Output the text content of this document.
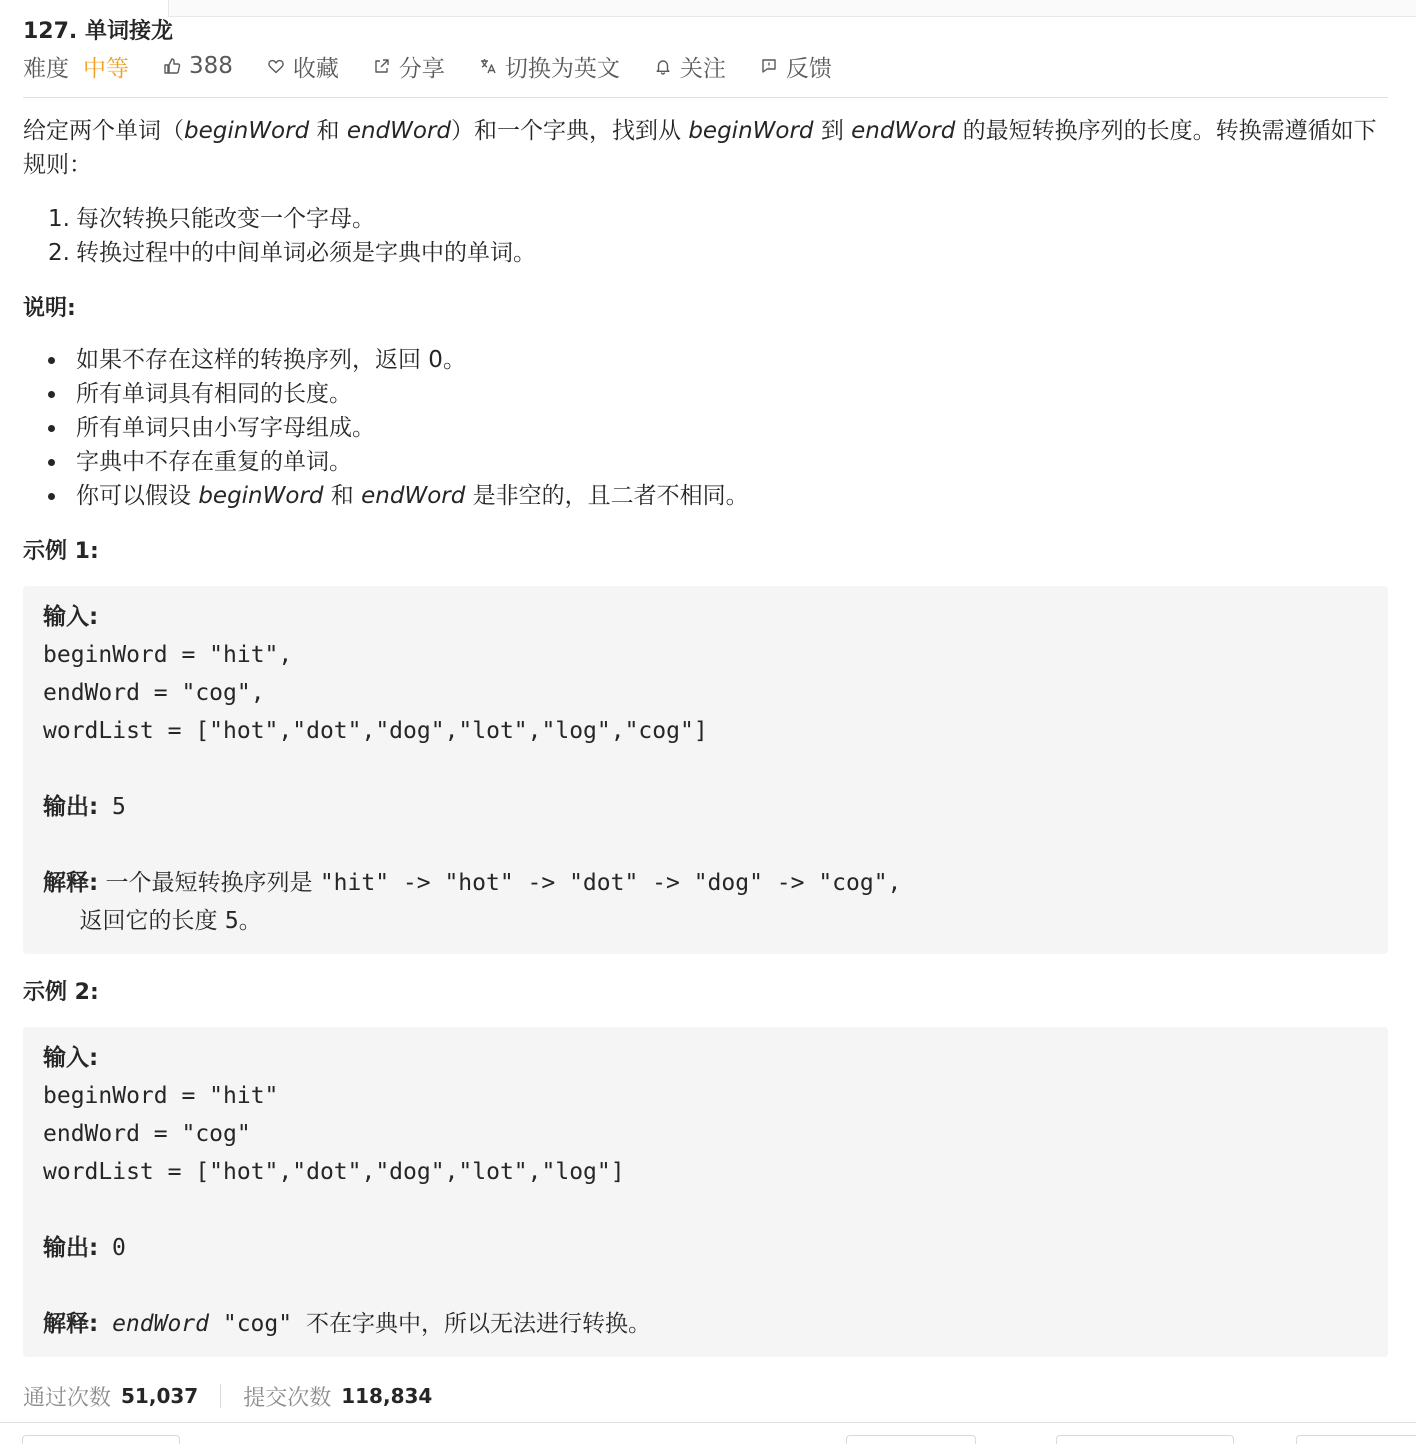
127. 单词接龙
难度 中等	388	收藏	分享	切换为英文	关注	反馈
给定两个单词（beginWord 和 endWord）和一个字典，找到从 beginWord 到 endWord 的最短转换序列的长度。转换需遵循如下规则：
1. 每次转换只能改变一个字母。
2. 转换过程中的中间单词必须是字典中的单词。
说明:
如果不存在这样的转换序列，返回 0。
所有单词具有相同的长度。
所有单词只由小写字母组成。
字典中不存在重复的单词。
你可以假设 beginWord 和 endWord 是非空的，且二者不相同。
示例 1:
输入:
beginWord = "hit",
endWord = "cog",
wordList = ["hot","dot","dog","lot","log","cog"]
输出: 5
解释: 一个最短转换序列是 "hit" -> "hot" -> "dot" -> "dog" -> "cog",
返回它的长度 5。
示例 2:
输入:
beginWord = "hit"
endWord = "cog"
wordList = ["hot","dot","dog","lot","log"]
输出: 0
解释: endWord "cog" 不在字典中，所以无法进行转换。
通过次数 51,037 提交次数 118,834
